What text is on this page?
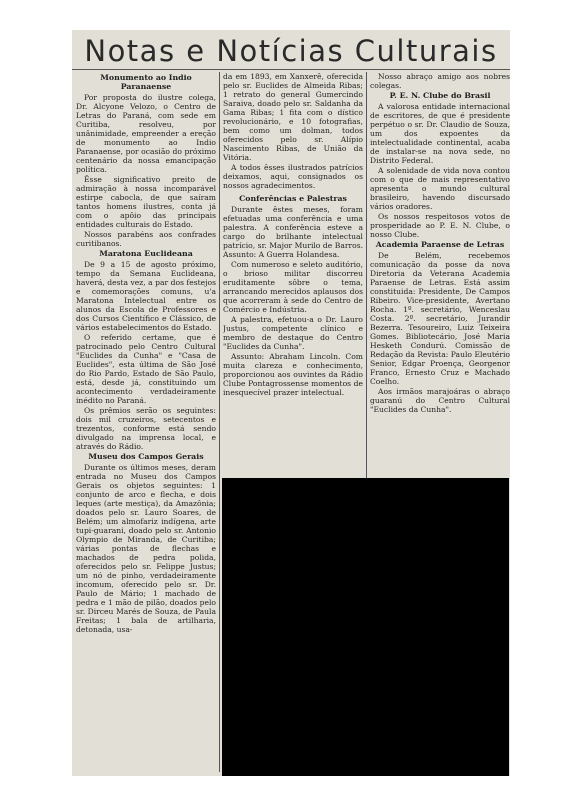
Notas e Notícias Culturais
Monumento ao Indio Paranaense

Por proposta do ilustre colega, Dr. Alcyone Velozo, o Centro de Letras do Paraná, com sede em Curitiba, resolveu, por unânimidade, empreender a ereção de monumento ao Indio Paranaense, por ocasião do próximo centenário da nossa emancipação política.

Êsse significativo preito de admiração à nossa incomparável estirpe cabocla, de que saíram tantos homens ilustres, conta já com o apôio das principais entidades culturais do Estado.

Nossos parabéns aos confrades curitibanos.

Maratona Euclideana

De 9 a 15 de agosto próximo, tempo da Semana Euclideana, haverá, desta vez, a par dos festejos e comemorações comuns, u'a Maratona Intelectual entre os alunos da Escola de Professores e dos Cursos Científico e Clássico, de vários estabelecimentos do Estado.

O referido certame, que é patrocinado pelo Centro Cultural "Euclides da Cunha" e "Casa de Euclides", esta última de São José do Rio Pardo, Estado de São Paulo, está, desde já, constituindo um acontecimento verdadeiramente inédito no Paraná.

Os prêmios serão os seguintes: dois mil cruzeiros, setecentos e trezentos, conforme está sendo divulgado na imprensa local, e através do Rádio.

Museu dos Campos Gerais

Durante os últimos meses, deram entrada no Museu dos Campos Gerais os objetos seguintes: 1 conjunto de arco e flecha, e dois leques (arte mestiça), da Amazônia; doados pelo sr. Lauro Soares, de Belém; um almofariz indígena, arte tupi-guarani, doado pelo sr. Antonio Olympio de Miranda, de Curitiba; várias pontas de flechas e machados de pedra polida, oferecidos pelo sr. Felippe Justus; um nó de pinho, verdadeiramente incomum, oferecido pelo sr. Dr. Paulo de Mário; 1 machado de pedra e 1 mão de pilão, doados pelo sr. Dirceu Marés de Souza, de Paula Freitas; 1 bala de artilharia, detonada, usa-

da em 1893, em Xanxerê, oferecida pelo sr. Euclides de Almeida Ribas; 1 retrato do general Gumercindo Saraiva, doado pelo sr. Saldanha da Gama Ribas; 1 fita com o dístico revolucionário, e 10 fotografias, bem como um dolman, todos oferecidos pelo sr. Alípio Nascimento Ribas, de União da Vitória.

A todos êsses ilustrados patrícios deixamos, aqui, consignados os nossos agradecimentos.

Conferências e Palestras

Durante êstes meses, foram efetuadas uma conferência e uma palestra. A conferência esteve a cargo do brilhante intelectual patrício, sr. Major Murilo de Barros. Assunto: A Guerra Holandesa.

Com numeroso e seleto auditório, o brioso militar discorreu eruditamente sôbre o tema, arrancando merecidos aplausos dos que acorreram à sede do Centro de Comércio e Indústria.

A palestra, efetuou-a o Dr. Lauro Justus, competente clínico e membro de destaque do Centro "Euclides da Cunha".

Assunto: Abraham Lincoln. Com muita clareza e conhecimento, proporcionou aos ouvintes da Rádio Clube Pontagrossense momentos de inesquecível prazer intelectual.

Nosso abraço amigo aos nobres colegas.

P. E. N. Clube do Brasil

A valorosa entidade internacional de escritores, de que é presidente perpétuo o sr. Dr. Claudio de Souza, um dos expoentes da intelectualidade continental, acaba de instalar-se na nova sede, no Distrito Federal.

A solenidade de vida nova contou com o que de mais representativo apresenta o mundo cultural brasileiro, havendo discursado vários oradores.

Os nossos respeitosos votos de prosperidade ao P. E. N. Clube, o nosso Clube.

Academia Paraense de Letras

De Belém, recebemos comunicação da posse da nova Diretoria da Veterana Academia Paraense de Letras. Está assim constituida: Presidente, De Campos Ribeiro. Vice-presidente, Avertano Rocha. 1º. secretário, Wenceslau Costa. 2º. secretário, Jurandir Bezerra. Tesoureiro, Luiz Teixeira Gomes. Bibliotecário, José Maria Hesketh Condurú. Comissão de Redação da Revista: Paulo Eleutério Senior, Edgar Proença, Georgenor Franco, Ernesto Cruz e Machado Coelho.

Aos irmãos marajoáras o abraço guaranú do Centro Cultural "Euclides da Cunha".
